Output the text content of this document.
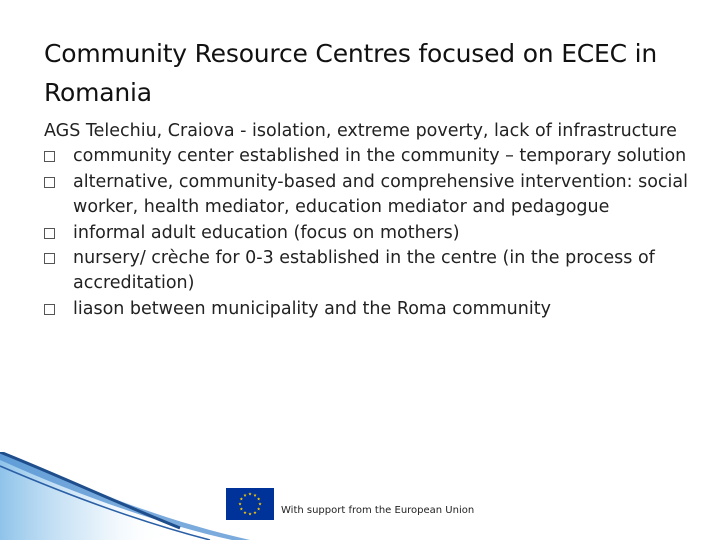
Community Resource Centres focused on ECEC in Romania

AGS Telechiu, Craiova - isolation, extreme poverty, lack of infrastructure

community center established in the community – temporary solution
alternative, community-based and comprehensive intervention: social worker, health mediator, education mediator and pedagogue
informal adult education (focus on mothers)
nursery/ crèche for 0-3 established in the centre (in the process of accreditation)
liason between municipality and the Roma community
With support from the European Union
